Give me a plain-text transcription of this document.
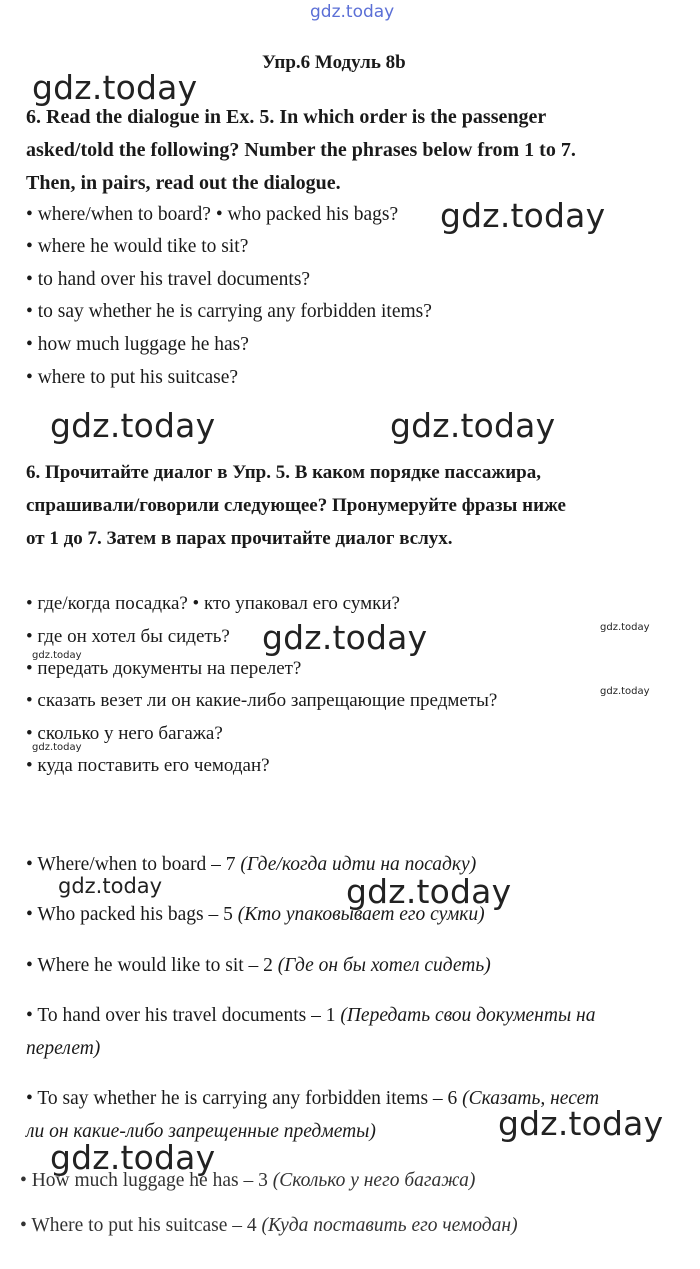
gdz.today
Упр.6 Модуль 8b
gdz.today
6. Read the dialogue in Ex. 5. In which order is the passenger
asked/told the following? Number the phrases below from 1 to 7.
Then, in pairs, read out the dialogue.
• where/when to board? • who packed his bags? gdz.today
• where he would tike to sit?
• to hand over his travel documents?
• to say whether he is carrying any forbidden items?
• how much luggage he has?
• where to put his suitcase?
gdz.today	gdz.today
6. Прочитайте диалог в Упр. 5. В каком порядке пассажира,
спрашивали/говорили следующее? Пронумеруйте фразы ниже
от 1 до 7. Затем в парах прочитайте диалог вслух.
• где/когда посадка? • кто упаковал его сумки?
• где он хотел бы сидеть? gdz.today	gdz.today
gdz.today
• передать документы на перелет?
• сказать везет ли он какие-либо запрещающие предметы?	gdz.today
• сколько у него багажа?
gdz.today
• куда поставить его чемодан?
• Where/when to board – 7 (Где/когда идти на посадку)
gdz.today	gdz.today
• Who packed his bags – 5 (Кто упаковывает его сумки)
• Where he would like to sit – 2 (Где он бы хотел сидеть)
• To hand over his travel documents – 1 (Передать свои документы на
перелет)
• To say whether he is carrying any forbidden items – 6 (Сказать, несет
ли он какие-либо запрещенные предметы)	gdz.today
gdz.today
• How much luggage he has – 3 (Сколько у него багажа)
• Where to put his suitcase – 4 (Куда поставить его чемодан)
